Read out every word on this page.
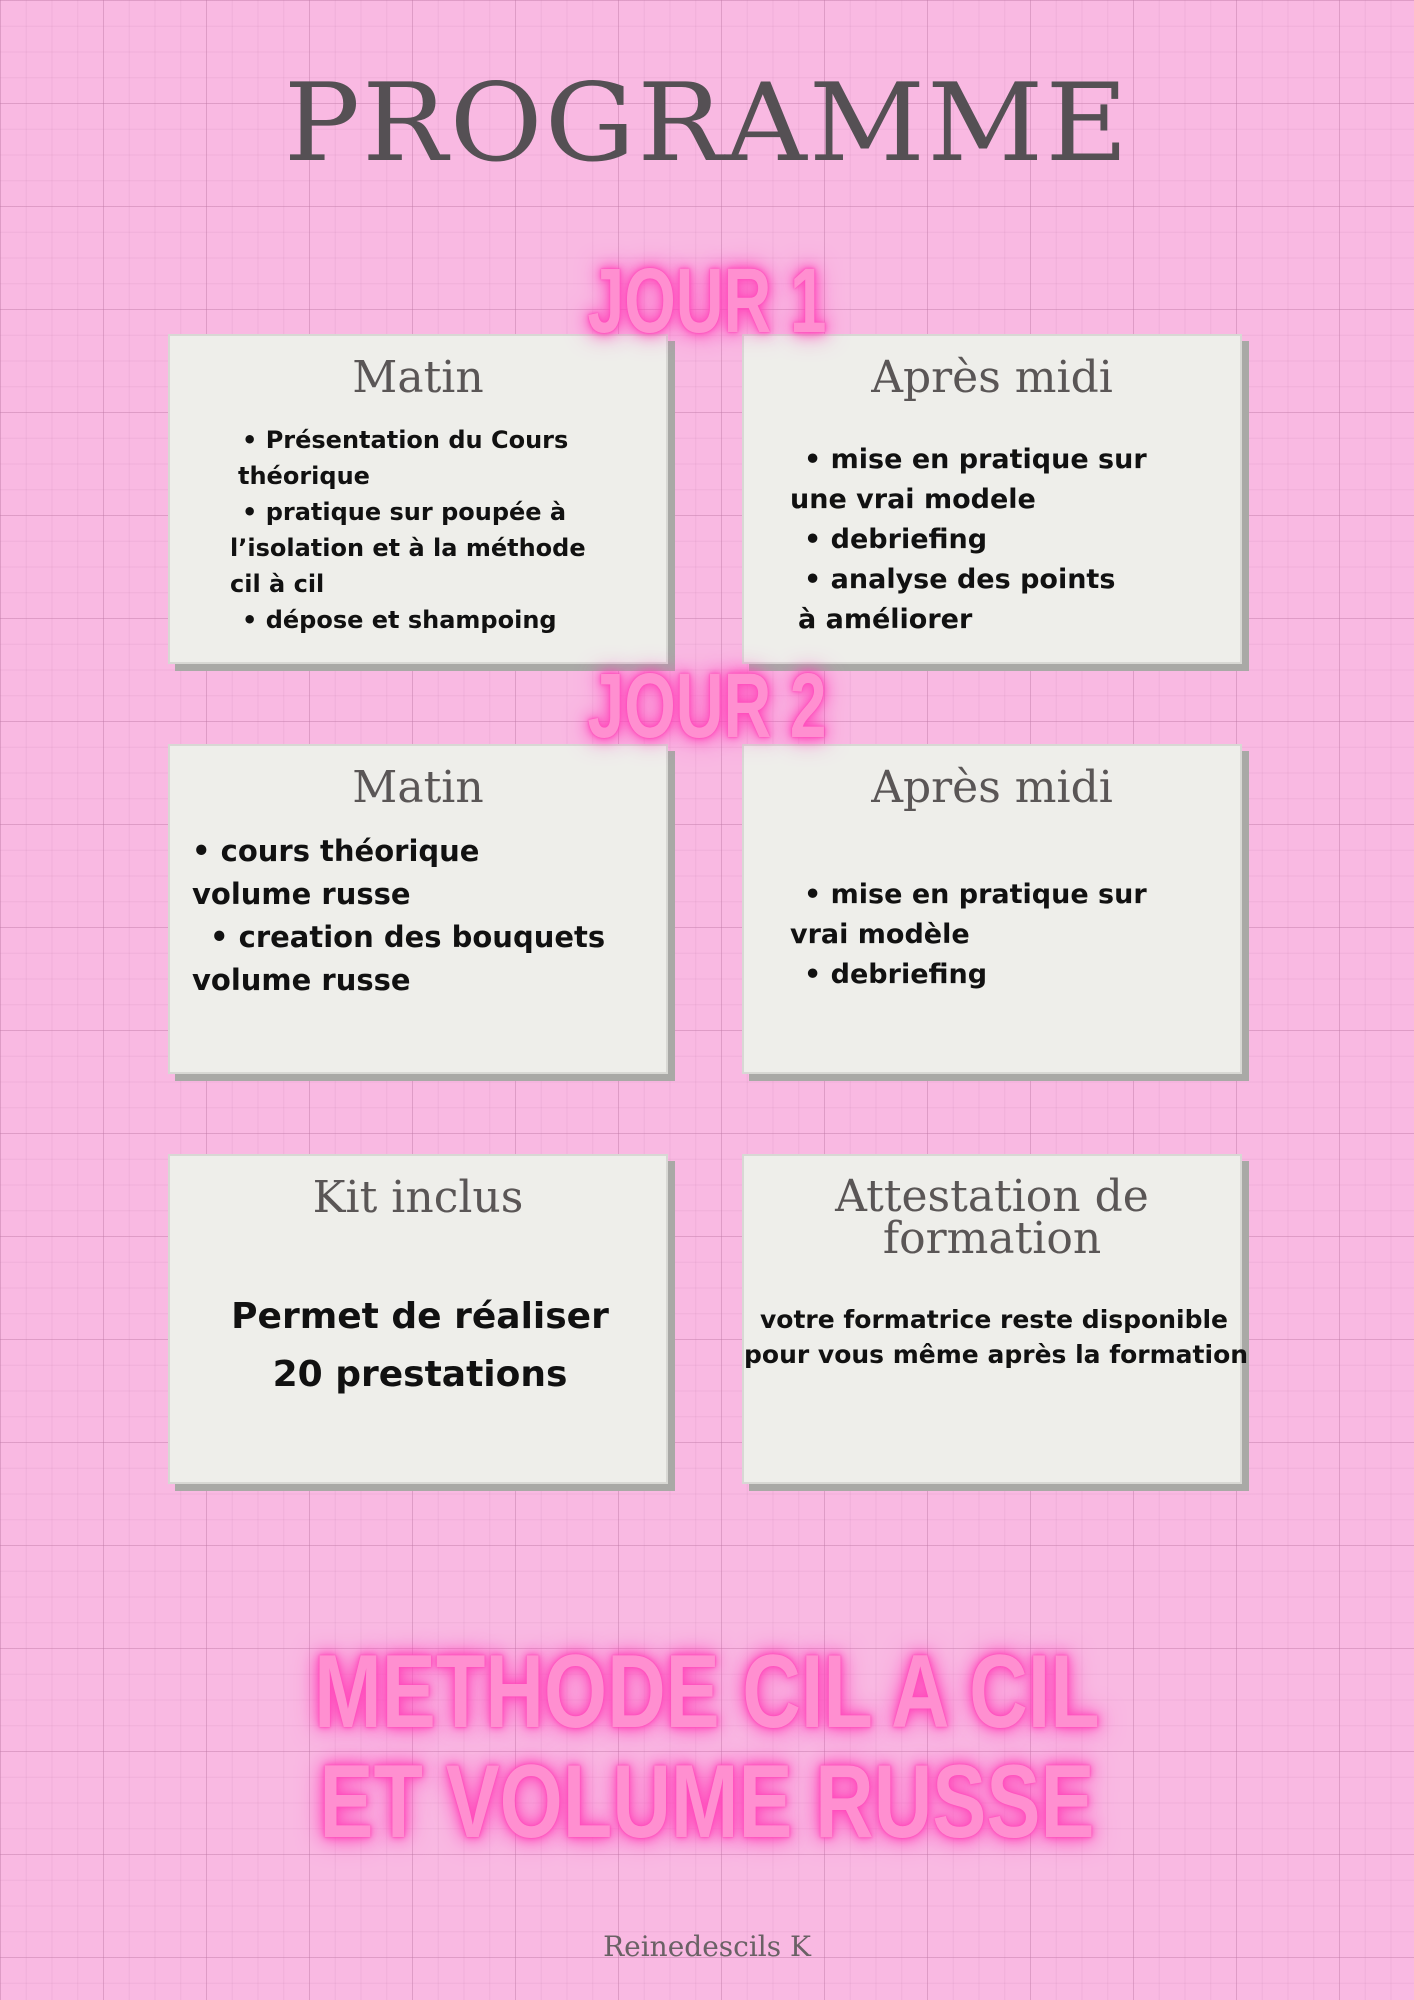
PROGRAMME
Matin
• Présentation du Cours
théorique
• pratique sur poupée à
l’isolation et à la méthode
cil à cil
• dépose et shampoing
Après midi
• mise en pratique sur
une vrai modele
• debriefing
• analyse des points
à améliorer
Matin
• cours théorique
volume russe
• creation des bouquets
volume russe
Après midi
• mise en pratique sur
vrai modèle
• debriefing
Kit inclus
Permet de réaliser
20 prestations
Attestation de
formation
votre formatrice reste disponible
pour vous même après la formation
JOUR 1
JOUR 2
METHODE CIL A CIL
ET VOLUME RUSSE
Reinedescils K
